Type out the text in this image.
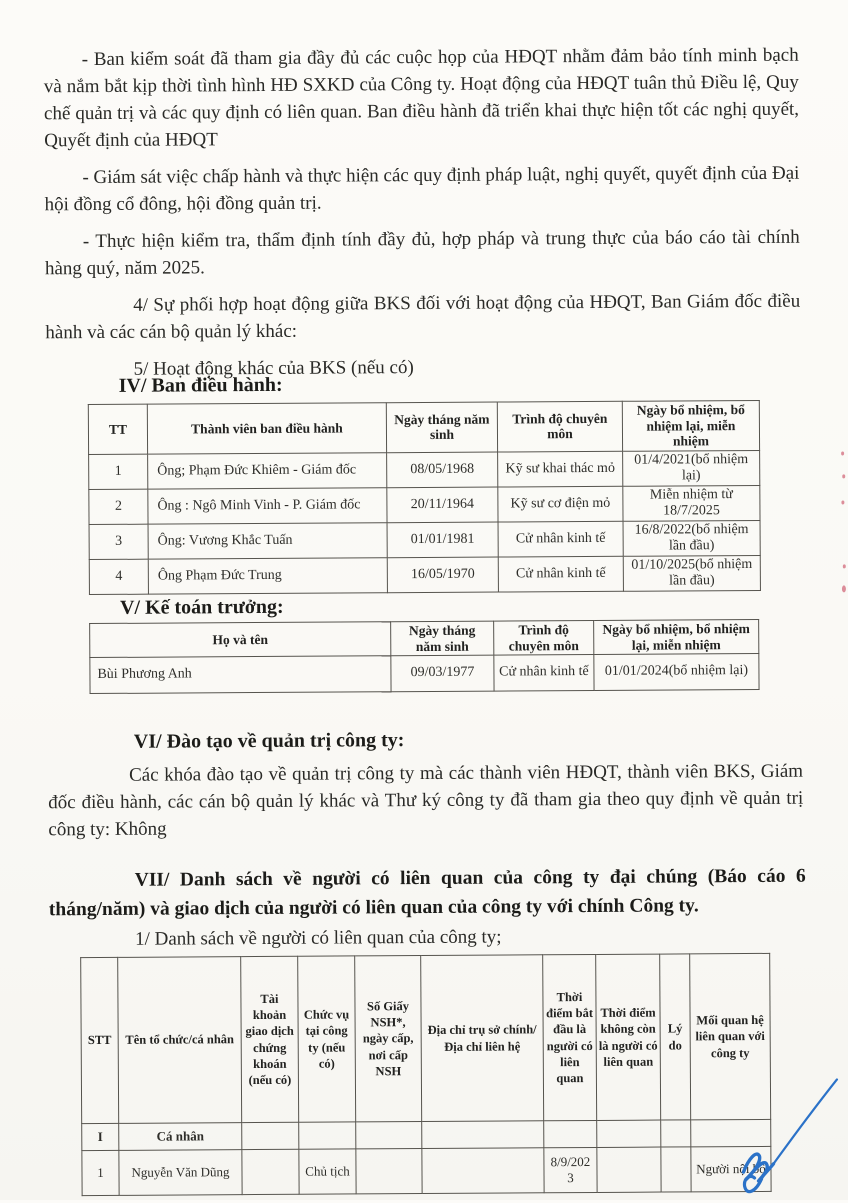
- Ban kiểm soát đã tham gia đầy đủ các cuộc họp của HĐQT nhằm đảm bảo tính minh bạch và nắm bắt kịp thời tình hình HĐ SXKD của Công ty. Hoạt động của HĐQT tuân thủ Điều lệ, Quy chế quản trị và các quy định có liên quan. Ban điều hành đã triển khai thực hiện tốt các nghị quyết, Quyết định của HĐQT

- Giám sát việc chấp hành và thực hiện các quy định pháp luật, nghị quyết, quyết định của Đại hội đồng cổ đông, hội đồng quản trị.

- Thực hiện kiểm tra, thẩm định tính đầy đủ, hợp pháp và trung thực của báo cáo tài chính hàng quý, năm 2025.

4/ Sự phối hợp hoạt động giữa BKS đối với hoạt động của HĐQT, Ban Giám đốc điều hành và các cán bộ quản lý khác:

5/ Hoạt động khác của BKS (nếu có)

IV/ Ban điều hành:
TT	Thành viên ban điều hành	Ngày tháng năm sinh	Trình độ chuyên môn	Ngày bổ nhiệm, bổ nhiệm lại, miễn nhiệm
1	Ông; Phạm Đức Khiêm - Giám đốc	08/05/1968	Kỹ sư khai thác mỏ	01/4/2021(bổ nhiệm lại)
2	Ông : Ngô Minh Vinh - P. Giám đốc	20/11/1964	Kỹ sư cơ điện mỏ	Miễn nhiệm từ 18/7/2025
3	Ông: Vương Khắc Tuấn	01/01/1981	Cử nhân kinh tế	16/8/2022(bổ nhiệm lần đầu)
4	Ông Phạm Đức Trung	16/05/1970	Cử nhân kinh tế	01/10/2025(bổ nhiệm lần đầu)
V/ Kế toán trưởng:
Họ và tên	Ngày tháng năm sinh	Trình độ chuyên môn	Ngày bổ nhiệm, bổ nhiệm lại, miễn nhiệm
Bùi Phương Anh	09/03/1977	Cử nhân kinh tế	01/01/2024(bổ nhiệm lại)
VI/ Đào tạo về quản trị công ty:
Các khóa đào tạo về quản trị công ty mà các thành viên HĐQT, thành viên BKS, Giám đốc điều hành, các cán bộ quản lý khác và Thư ký công ty đã tham gia theo quy định về quản trị công ty: Không
VII/ Danh sách về người có liên quan của công ty đại chúng (Báo cáo 6 tháng/năm) và giao dịch của người có liên quan của công ty với chính Công ty.
1/ Danh sách về người có liên quan của công ty;
STT	Tên tổ chức/cá nhân	Tài khoản giao dịch chứng khoán (nếu có)	Chức vụ tại công ty (nếu có)	Số Giấy NSH*, ngày cấp, nơi cấp NSH	Địa chỉ trụ sở chính/ Địa chỉ liên hệ	Thời điểm bắt đầu là người có liên quan	Thời điểm không còn là người có liên quan	Lý do	Mối quan hệ liên quan với công ty
I	Cá nhân								
1	Nguyễn Văn Dũng		Chủ tịch			8/9/2023			Người nội bộ
